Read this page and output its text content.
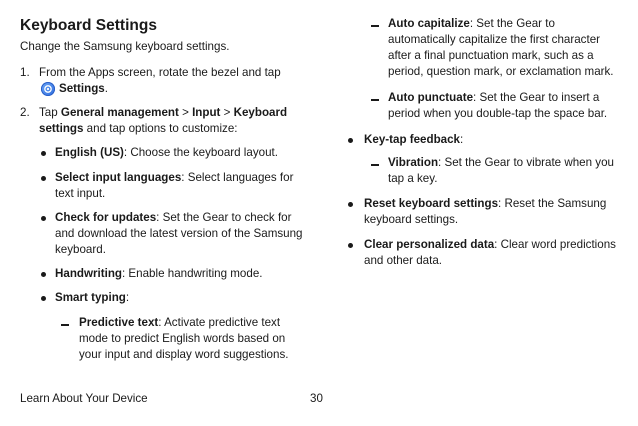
Keyboard Settings
Change the Samsung keyboard settings.
1. From the Apps screen, rotate the bezel and tap
Settings.
2. Tap General management > Input > Keyboard
settings and tap options to customize:
English (US): Choose the keyboard layout.
Select input languages: Select languages for
text input.
Check for updates: Set the Gear to check for
and download the latest version of the Samsung
keyboard.
Handwriting: Enable handwriting mode.
Smart typing:
Predictive text: Activate predictive text
mode to predict English words based on
your input and display word suggestions.
Learn About Your Device	30
Auto capitalize: Set the Gear to
automatically capitalize the first character
after a final punctuation mark, such as a
period, question mark, or exclamation mark.
Auto punctuate: Set the Gear to insert a
period when you double-tap the space bar.
Key-tap feedback:
Vibration: Set the Gear to vibrate when you
tap a key.
Reset keyboard settings: Reset the Samsung
keyboard settings.
Clear personalized data: Clear word predictions
and other data.
